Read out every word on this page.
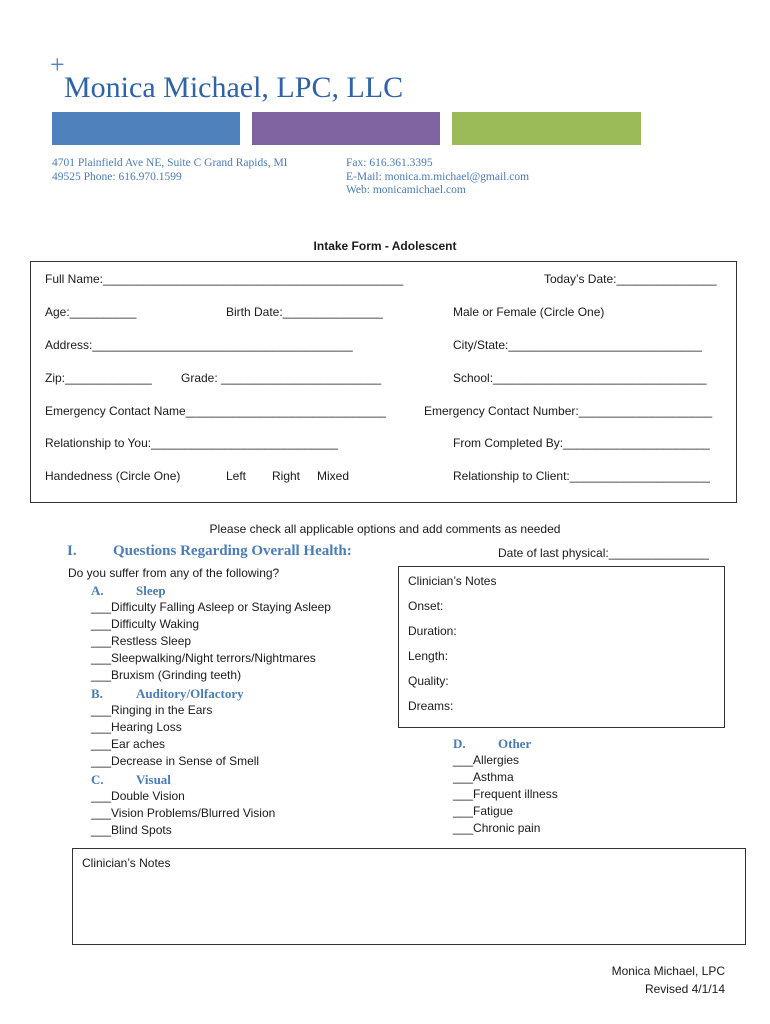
+
Monica Michael, LPC, LLC
4701 Plainfield Ave NE, Suite C Grand Rapids, MI
49525 Phone: 616.970.1599
Fax: 616.361.3395
E-Mail: monica.m.michael@gmail.com
Web: monicamichael.com
Intake Form - Adolescent
Full Name:_____________________________________________	Today’s Date:_______________
Age:__________	Birth Date:_______________	Male or Female (Circle One)
Address:_______________________________________	City/State:_____________________________
Zip:_____________ Grade: ________________________	School:________________________________
Emergency Contact Name______________________________	Emergency Contact Number:____________________
Relationship to You:____________________________	From Completed By:______________________
Handedness (Circle One)	Left Right Mixed	Relationship to Client:_____________________
Please check all applicable options and add comments as needed
I. Questions Regarding Overall Health:	Date of last physical:_______________
Do you suffer from any of the following?
A. Sleep
___Difficulty Falling Asleep or Staying Asleep
___Difficulty Waking
___Restless Sleep
___Sleepwalking/Night terrors/Nightmares
___Bruxism (Grinding teeth)
B.	Auditory/Olfactory
___Ringing in the Ears
___Hearing Loss
___Ear aches
___Decrease in Sense of Smell
C. Visual
___Double Vision
___Vision Problems/Blurred Vision
___Blind Spots
Clinician’s Notes
Onset:
Duration:
Length:
Quality:
Dreams:
D. Other
___Allergies
___Asthma
___Frequent illness
___Fatigue
___Chronic pain
Clinician’s Notes
Monica Michael, LPC
Revised 4/1/14
